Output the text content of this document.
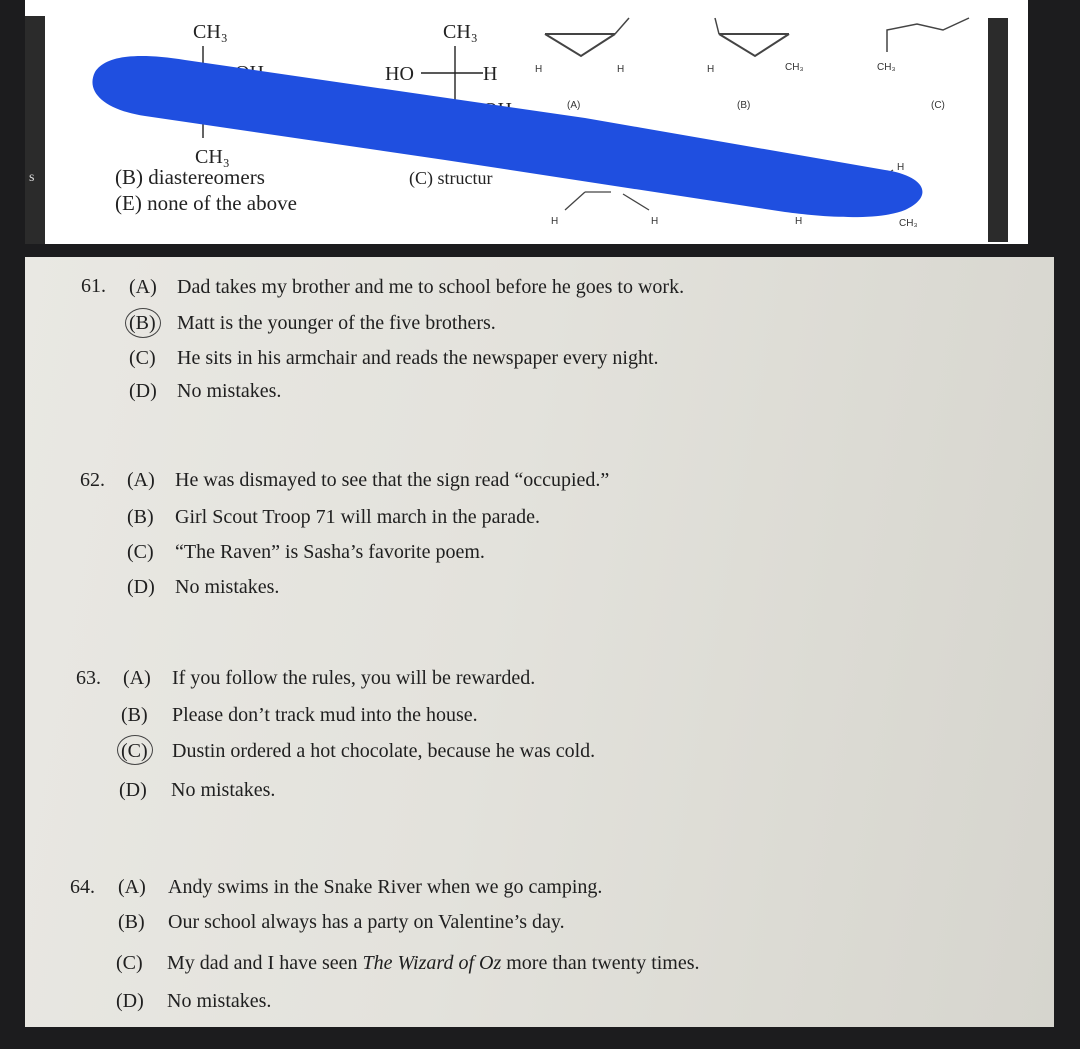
CH₃
CH₃
CH₃
HO	H	H	H
(A)
H	CH₃
(B)
CH₃
(C)
H	H
H
H	CH₃
(B) diastereomers
(E) none of the above
(C) structur
s
61. (A) Dad takes my brother and me to school before he goes to work.
(B) Matt is the younger of the five brothers.
(C) He sits in his armchair and reads the newspaper every night.
(D) No mistakes.
62. (A) He was dismayed to see that the sign read “occupied.”
(B) Girl Scout Troop 71 will march in the parade.
(C) “The Raven” is Sasha’s favorite poem.
(D) No mistakes.
63. (A) If you follow the rules, you will be rewarded.
(B) Please don’t track mud into the house.
(C) Dustin ordered a hot chocolate, because he was cold.
(D) No mistakes.
64. (A) Andy swims in the Snake River when we go camping.
(B) Our school always has a party on Valentine’s day.
(C) My dad and I have seen The Wizard of Oz more than twenty times.
(D) No mistakes.
